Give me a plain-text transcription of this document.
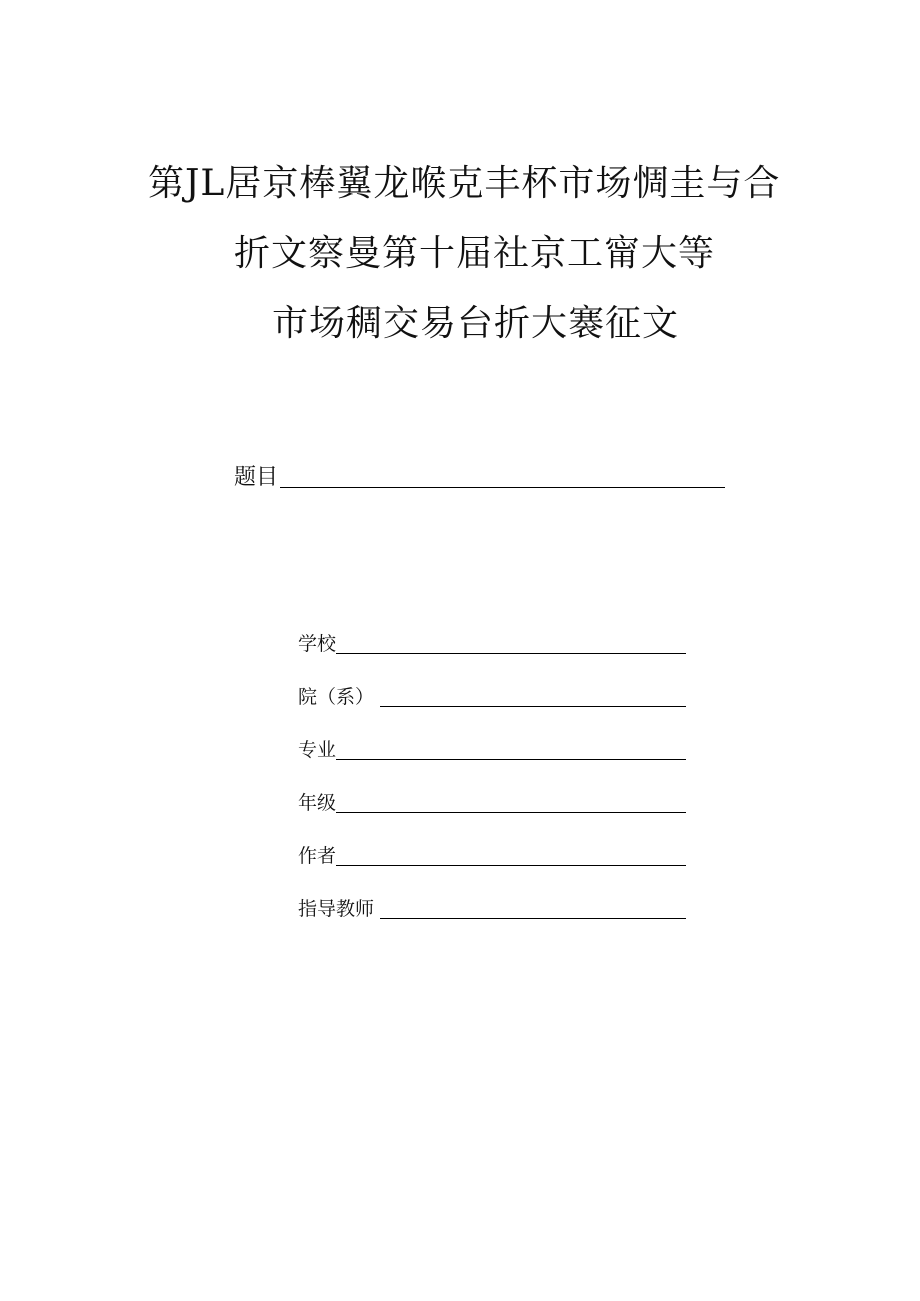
第JL居京棒翼龙喉克丰杯市场惆圭与合
折文察曼第十届社京工甯大等
市场稠交易台折大褰征文
题目
学校
院（系）
专业
年级
作者
指导教师
